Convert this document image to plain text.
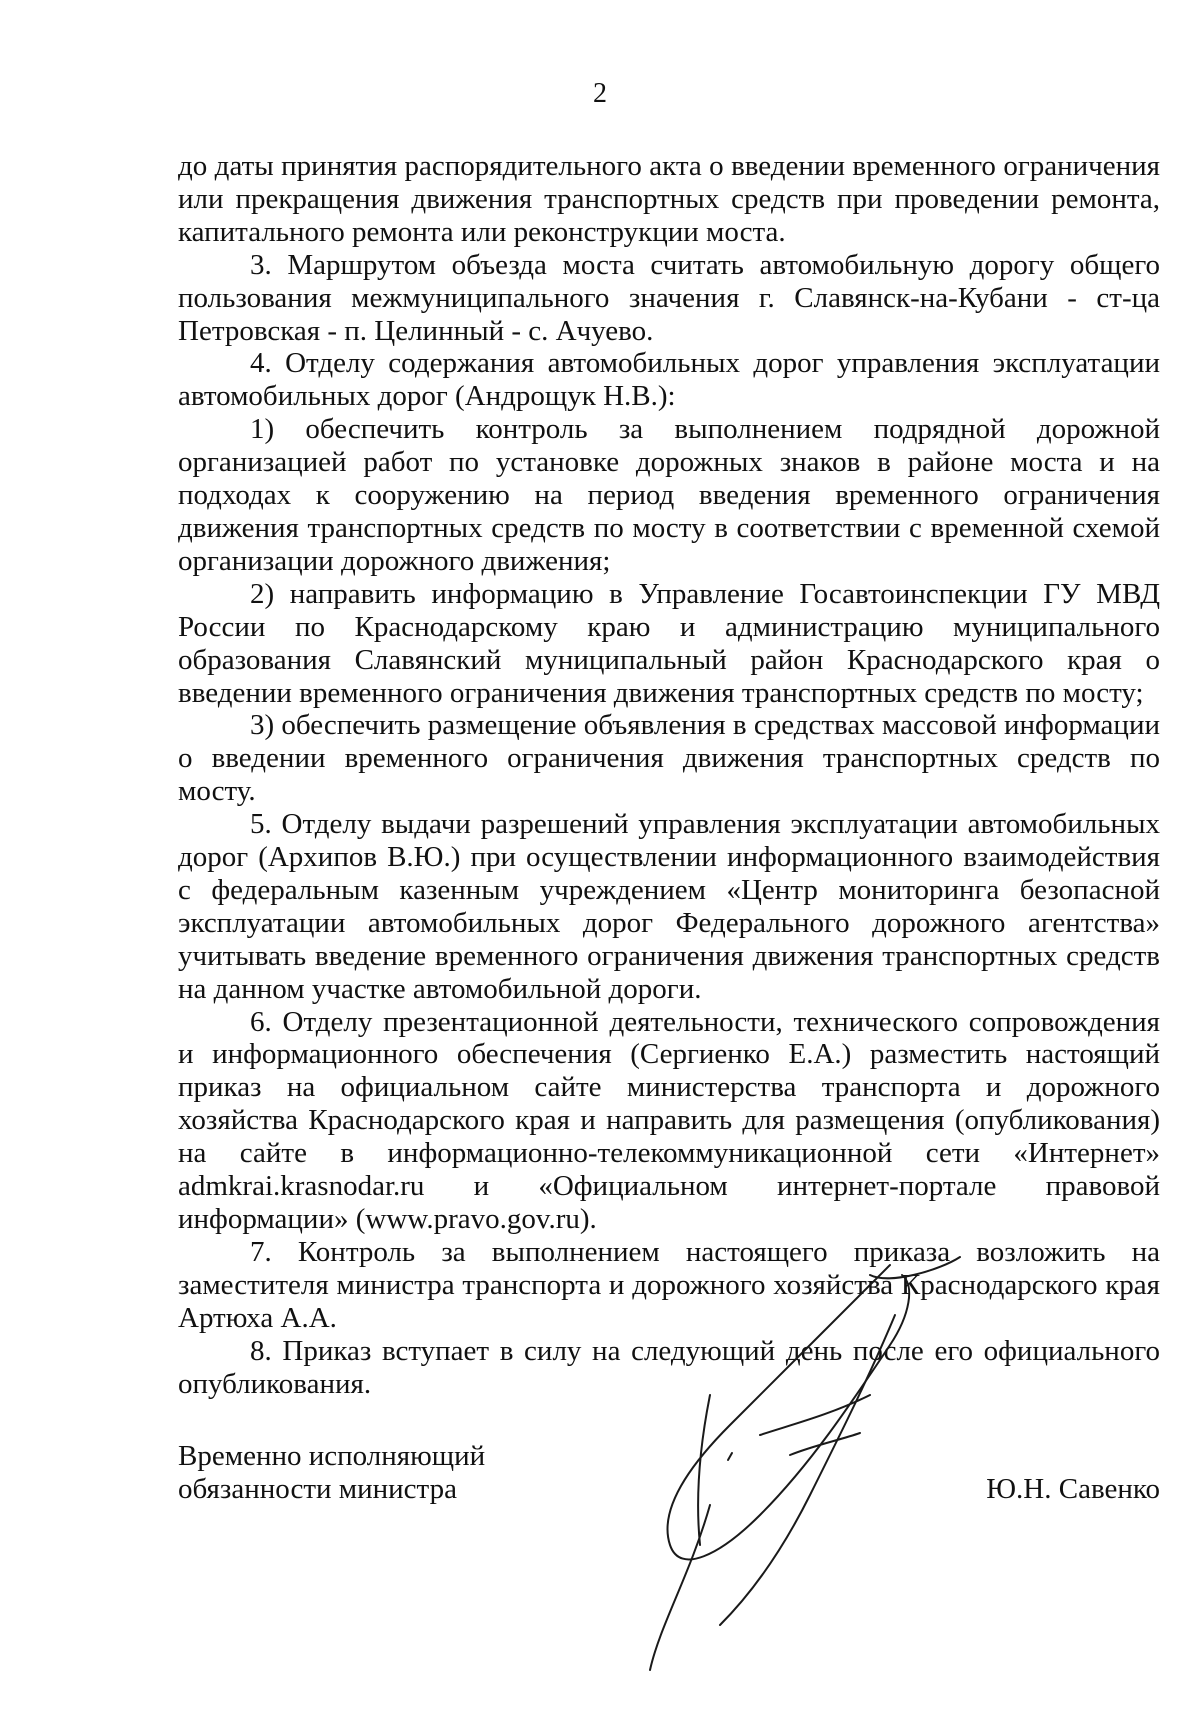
2

до даты принятия распорядительного акта о введении временного ограничения или прекращения движения транспортных средств при проведении ремонта, капитального ремонта или реконструкции моста.

3. Маршрутом объезда моста считать автомобильную дорогу общего пользования межмуниципального значения г. Славянск-на-Кубани - ст-ца Петровская - п. Целинный - с. Ачуево.

4. Отделу содержания автомобильных дорог управления эксплуатации автомобильных дорог (Андрощук Н.В.):

1) обеспечить контроль за выполнением подрядной дорожной организацией работ по установке дорожных знаков в районе моста и на подходах к сооружению на период введения временного ограничения движения транспортных средств по мосту в соответствии с временной схемой организации дорожного движения;

2) направить информацию в Управление Госавтоинспекции ГУ МВД России по Краснодарскому краю и администрацию муниципального образования Славянский муниципальный район Краснодарского края о введении временного ограничения движения транспортных средств по мосту;

3) обеспечить размещение объявления в средствах массовой информации о введении временного ограничения движения транспортных средств по мосту.

5. Отделу выдачи разрешений управления эксплуатации автомобильных дорог (Архипов В.Ю.) при осуществлении информационного взаимодействия с федеральным казенным учреждением «Центр мониторинга безопасной эксплуатации автомобильных дорог Федерального дорожного агентства» учитывать введение временного ограничения движения транспортных средств на данном участке автомобильной дороги.

6. Отделу презентационной деятельности, технического сопровождения и информационного обеспечения (Сергиенко Е.А.) разместить настоящий приказ на официальном сайте министерства транспорта и дорожного хозяйства Краснодарского края и направить для размещения (опубликования) на сайте в информационно-телекоммуникационной сети «Интернет» admkrai.krasnodar.ru и «Официальном интернет-портале правовой информации» (www.pravo.gov.ru).

7. Контроль за выполнением настоящего приказа возложить на заместителя министра транспорта и дорожного хозяйства Краснодарского края Артюха А.А.

8. Приказ вступает в силу на следующий день после его официального опубликования.

Временно исполняющий
обязанности министра	Ю.Н. Савенко
